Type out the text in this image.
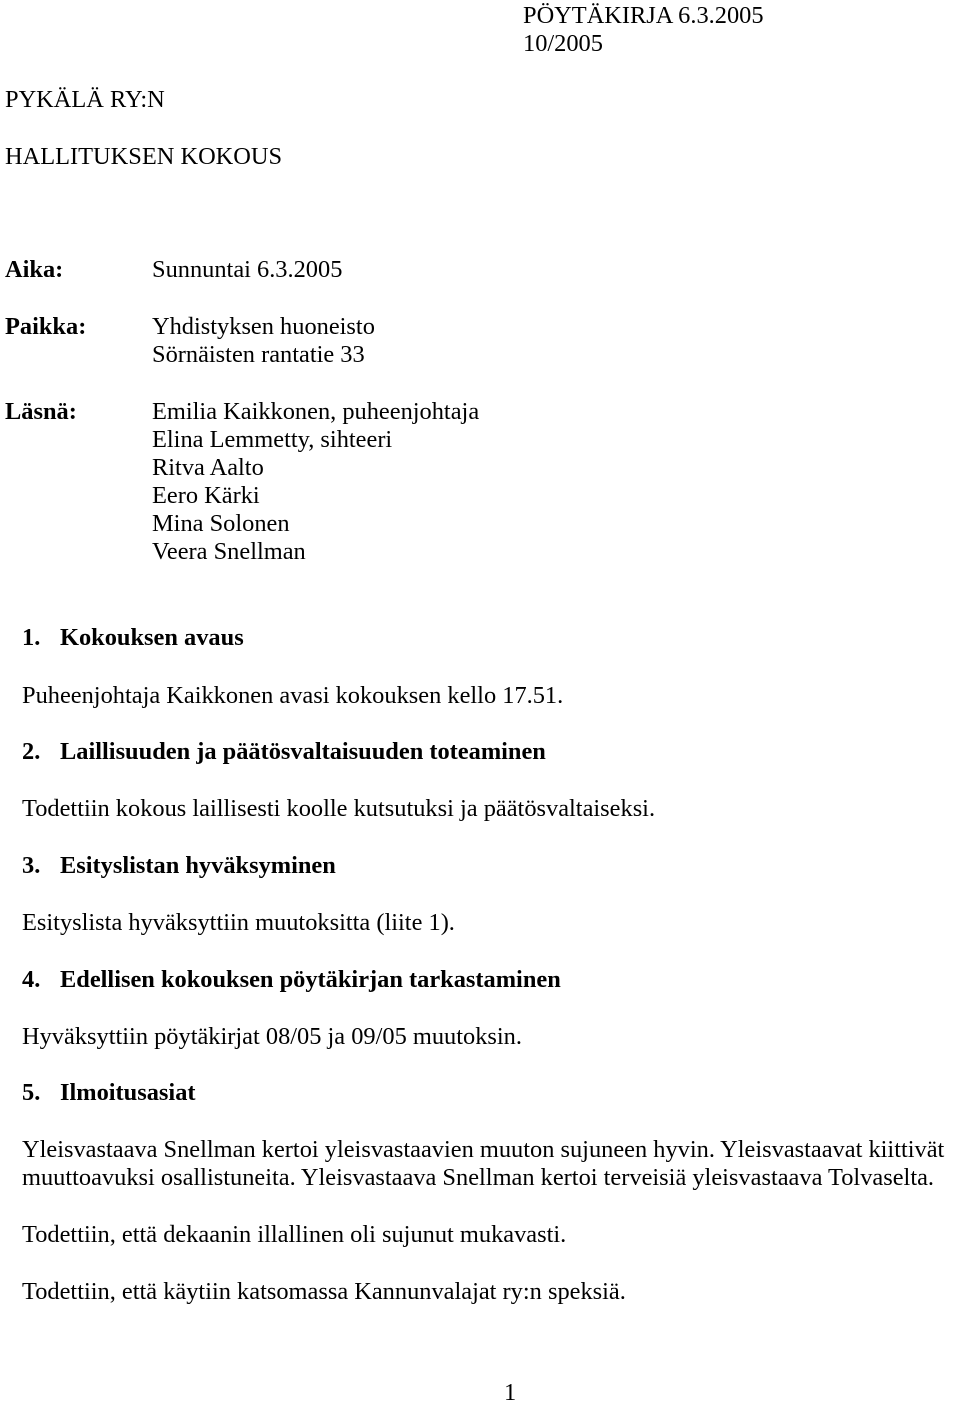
PÖYTÄKIRJA 6.3.2005
10/2005
PYKÄLÄ RY:N
HALLITUKSEN KOKOUS
Aika:	Sunnuntai 6.3.2005
Paikka:	Yhdistyksen huoneisto
Sörnäisten rantatie 33
Läsnä:	Emilia Kaikkonen, puheenjohtaja
Elina Lemmetty, sihteeri
Ritva Aalto
Eero Kärki
Mina Solonen
Veera Snellman
1. Kokouksen avaus
Puheenjohtaja Kaikkonen avasi kokouksen kello 17.51.
2. Laillisuuden ja päätösvaltaisuuden toteaminen
Todettiin kokous laillisesti koolle kutsutuksi ja päätösvaltaiseksi.
3. Esityslistan hyväksyminen
Esityslista hyväksyttiin muutoksitta (liite 1).
4. Edellisen kokouksen pöytäkirjan tarkastaminen
Hyväksyttiin pöytäkirjat 08/05 ja 09/05 muutoksin.
5. Ilmoitusasiat
Yleisvastaava Snellman kertoi yleisvastaavien muuton sujuneen hyvin. Yleisvastaavat kiittivät
muuttoavuksi osallistuneita. Yleisvastaava Snellman kertoi terveisiä yleisvastaava Tolvaselta.
Todettiin, että dekaanin illallinen oli sujunut mukavasti.
Todettiin, että käytiin katsomassa Kannunvalajat ry:n speksiä.
1
